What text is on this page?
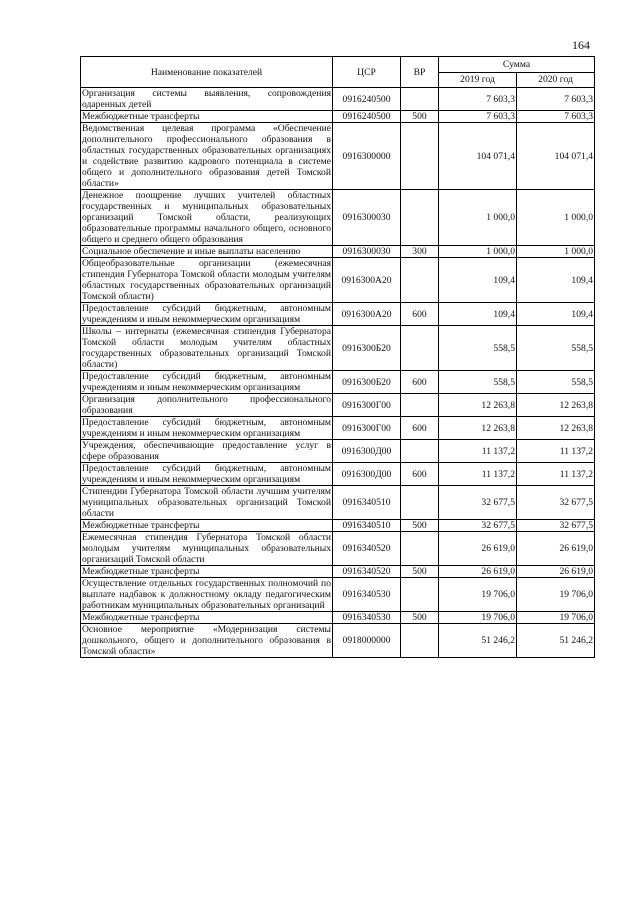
164
Наименование показателей	ЦСР	ВР	Сумма	
			2019 год	2020 год
Организация системы выявления, сопровождения одаренных детей	0916240500		7 603,3	7 603,3
Межбюджетные трансферты	0916240500	500	7 603,3	7 603,3
Ведомственная целевая программа «Обеспечение дополнительного профессионального образования в областных государственных образовательных организациях и содействие развитию кадрового потенциала в системе общего и дополнительного образования детей Томской области»	0916300000		104 071,4	104 071,4
Денежное поощрение лучших учителей областных государственных и муниципальных образовательных организаций Томской области, реализующих образовательные программы начального общего, основного общего и среднего общего образования	0916300030		1 000,0	1 000,0
Социальное обеспечение и иные выплаты населению	0916300030	300	1 000,0	1 000,0
Общеобразовательные организации (ежемесячная стипендия Губернатора Томской области молодым учителям областных государственных образовательных организаций Томской области)	0916300А20		109,4	109,4
Предоставление субсидий бюджетным, автономным учреждениям и иным некоммерческим организациям	0916300А20	600	109,4	109,4
Школы – интернаты (ежемесячная стипендия Губернатора Томской области молодым учителям областных государственных образовательных организаций Томской области)	0916300Б20		558,5	558,5
Предоставление субсидий бюджетным, автономным учреждениям и иным некоммерческим организациям	0916300Б20	600	558,5	558,5
Организация дополнительного профессионального образования	0916300Г00		12 263,8	12 263,8
Предоставление субсидий бюджетным, автономным учреждениям и иным некоммерческим организациям	0916300Г00	600	12 263,8	12 263,8
Учреждения, обеспечивающие предоставление услуг в сфере образования	0916300Д00		11 137,2	11 137,2
Предоставление субсидий бюджетным, автономным учреждениям и иным некоммерческим организациям	0916300Д00	600	11 137,2	11 137,2
Стипендии Губернатора Томской области лучшим учителям муниципальных образовательных организаций Томской области	0916340510		32 677,5	32 677,5
Межбюджетные трансферты	0916340510	500	32 677,5	32 677,5
Ежемесячная стипендия Губернатора Томской области молодым учителям муниципальных образовательных организаций Томской области	0916340520		26 619,0	26 619,0
Межбюджетные трансферты	0916340520	500	26 619,0	26 619,0
Осуществление отдельных государственных полномочий по выплате надбавок к должностному окладу педагогическим работникам муниципальных образовательных организаций	0916340530		19 706,0	19 706,0
Межбюджетные трансферты	0916340530	500	19 706,0	19 706,0
Основное мероприятие «Модернизация системы дошкольного, общего и дополнительного образования в Томской области»	0918000000		51 246,2	51 246,2
